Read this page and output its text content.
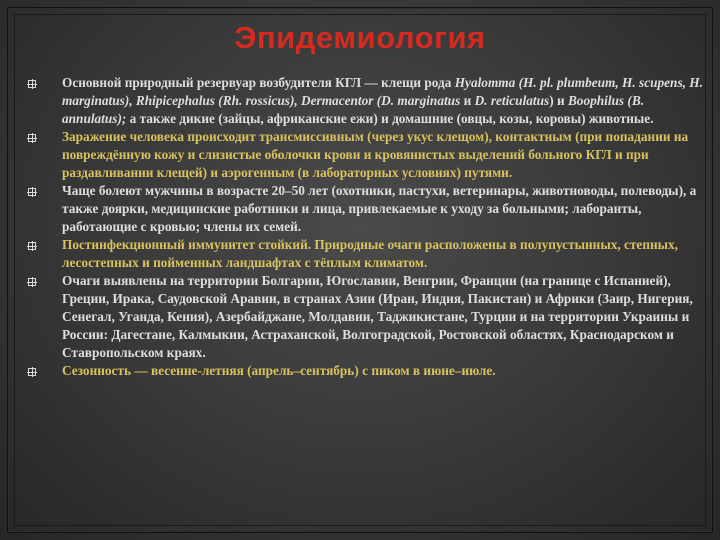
Эпидемиология
Основной природный резервуар возбудителя КГЛ — клещи рода Hyalomma (H. pl. plumbeum, H. scupens, H. marginatus), Rhipicephalus (Rh. rossicus), Dermacentor (D. marginatus и D. reticulatus) и Boophilus (B. annulatus); а также дикие (зайцы, африканские ежи) и домашние (овцы, козы, коровы) животные.
Заражение человека происходит трансмиссивным (через укус клещом), контактным (при попадании на повреждённую кожу и слизистые оболочки крови и кровянистых выделений больного КГЛ и при раздавливании клещей) и аэрогенным (в лабораторных условиях) путями.
Чаще болеют мужчины в возрасте 20–50 лет (охотники, пастухи, ветеринары, животноводы, полеводы), а также доярки, медицинские работники и лица, привлекаемые к уходу за больными; лаборанты, работающие с кровью; члены их семей.
Постинфекционный иммунитет стойкий. Природные очаги расположены в полупустынных, степных, лесостепных и пойменных ландшафтах с тёплым климатом.
Очаги выявлены на территории Болгарии, Югославии, Венгрии, Франции (на границе с Испанией), Греции, Ирака, Саудовской Аравии, в странах Азии (Иран, Индия, Пакистан) и Африки (Заир, Нигерия, Сенегал, Уганда, Кения), Азербайджане, Молдавии, Таджикистане, Турции и на территории Украины и России: Дагестане, Калмыкии, Астраханской, Волгоградской, Ростовской областях, Краснодарском и Ставропольском краях.
Сезонность — весенне-летняя (апрель–сентябрь) с пиком в июне–июле.
